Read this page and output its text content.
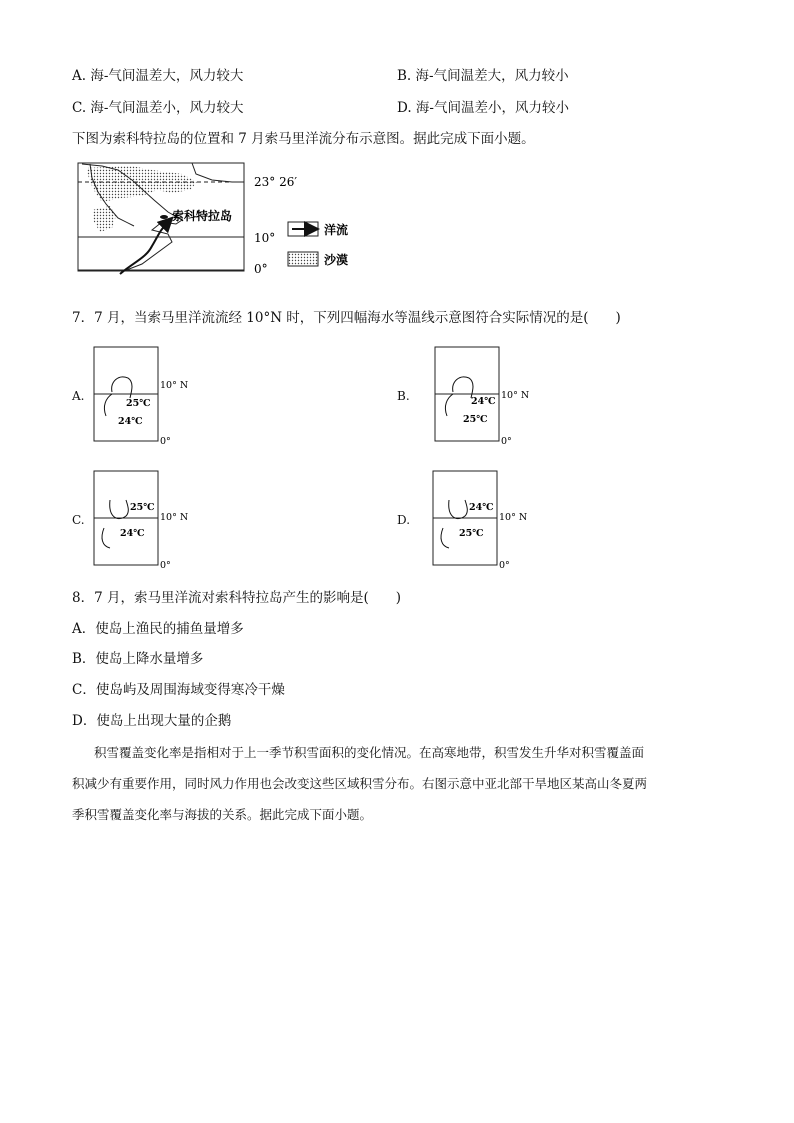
A. 海-气间温差大，风力较大	B. 海-气间温差大，风力较小
C. 海-气间温差小，风力较大	D. 海-气间温差小，风力较小
下图为索科特拉岛的位置和 7 月索马里洋流分布示意图。据此完成下面小题。
23° 26′
索科特拉岛
10°
0°
洋流
沙漠
7．7 月，当索马里洋流流经 10°N 时，下列四幅海水等温线示意图符合实际情况的是(　　)
A.
25℃
24℃
10° N
0°
B.	24℃
25℃
10° N
0°
C.
25℃
24℃
10° N
0°
D.
24℃
25℃
10° N
0°
8．7 月，索马里洋流对索科特拉岛产生的影响是(　　)
A．使岛上渔民的捕鱼量增多
B．使岛上降水量增多
C．使岛屿及周围海域变得寒冷干燥
D．使岛上出现大量的企鹅
积雪覆盖变化率是指相对于上一季节积雪面积的变化情况。在高寒地带，积雪发生升华对积雪覆盖面
积减少有重要作用，同时风力作用也会改变这些区域积雪分布。右图示意中亚北部干旱地区某高山冬夏两
季积雪覆盖变化率与海拔的关系。据此完成下面小题。
